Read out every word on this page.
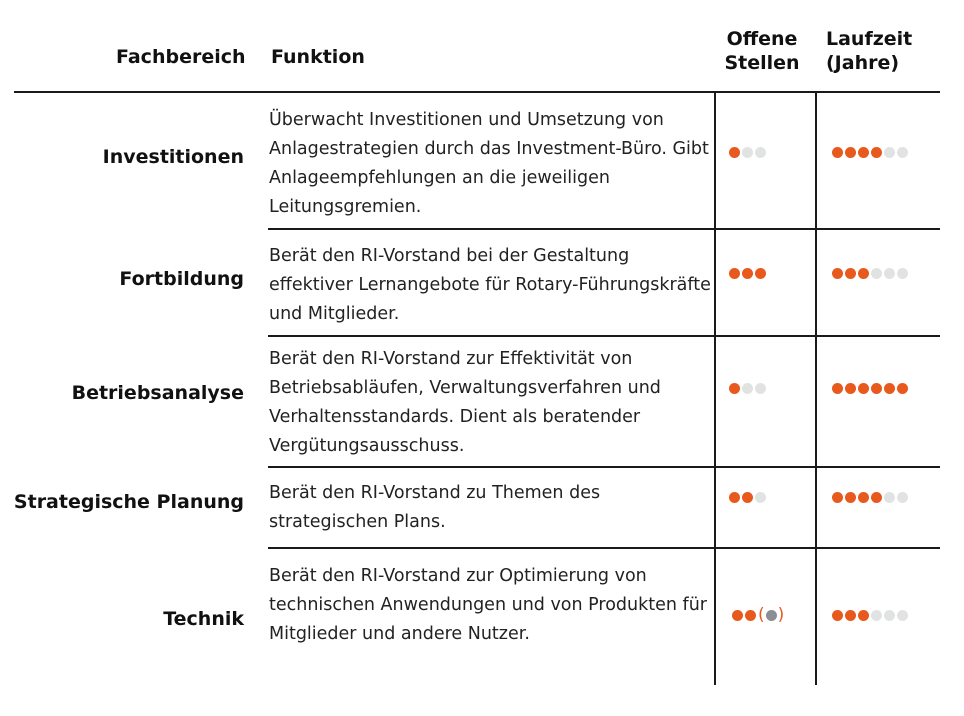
Fachbereich Funktion
Offene
Stellen
Laufzeit
(Jahre)
Investitionen
Überwacht Investitionen und Umsetzung von Anlagestrategien durch das Investment-Büro. Gibt Anlageempfehlungen an die jeweiligen Leitungsgremien.
Fortbildung
Berät den RI-Vorstand bei der Gestaltung effektiver Lernangebote für Rotary-Führungskräfte und Mitglieder.
Betriebsanalyse
Berät den RI-Vorstand zur Effektivität von Betriebsabläufen, Verwaltungsverfahren und Verhaltensstandards. Dient als beratender Vergütungsausschuss.
Strategische Planung Berät den RI-Vorstand zu Themen des strategischen Plans.
Technik
Berät den RI-Vorstand zur Optimierung von technischen Anwendungen und von Produkten für Mitglieder und andere Nutzer.
( )
